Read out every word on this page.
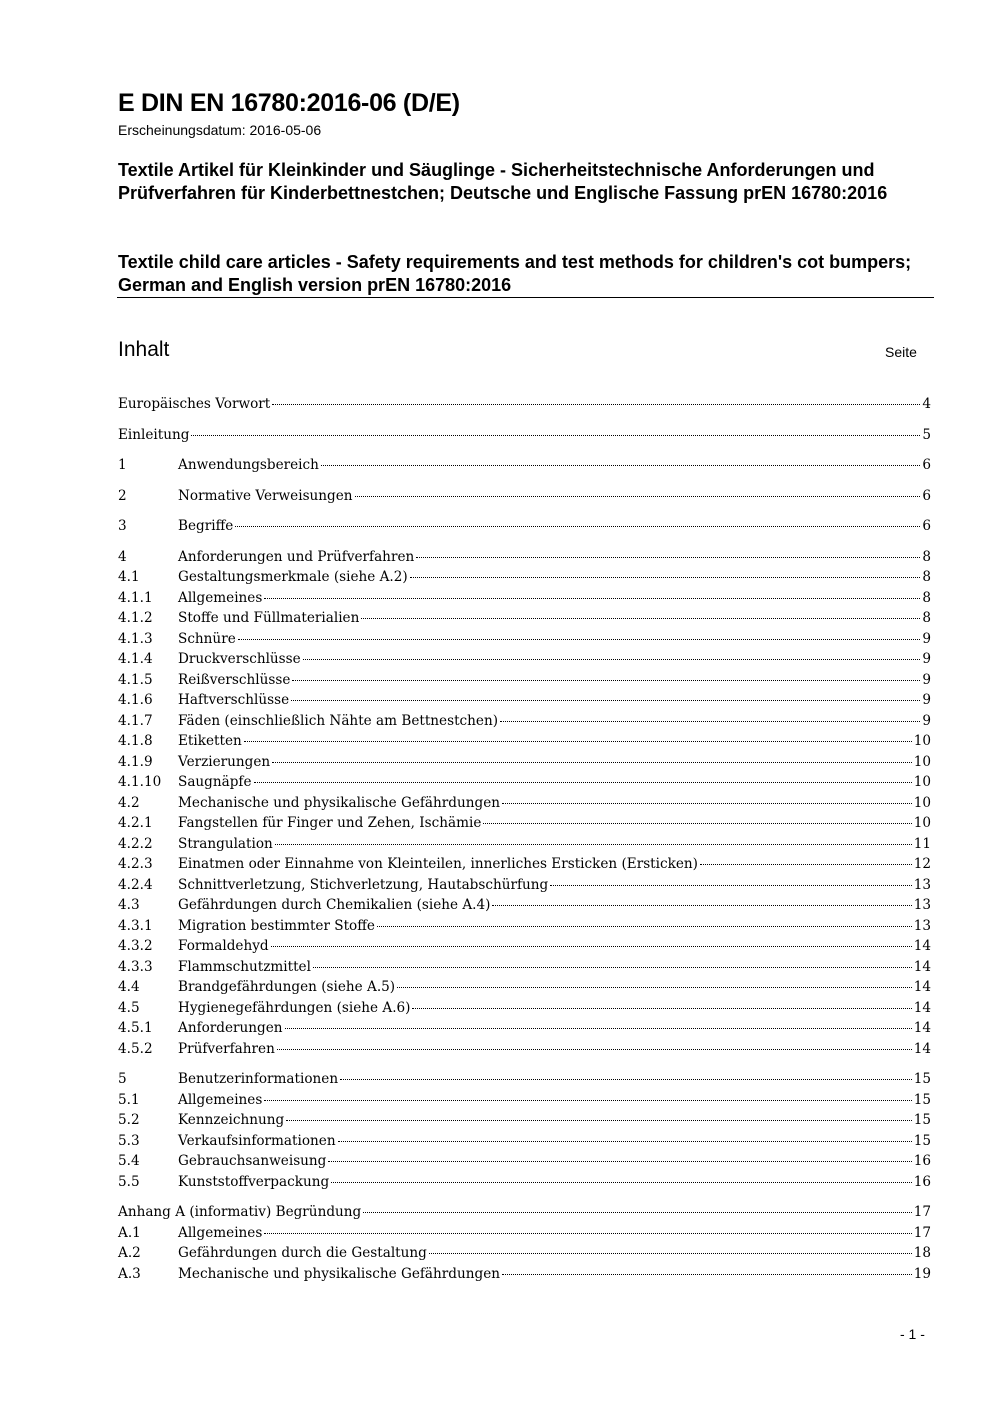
E DIN EN 16780:2016-06 (D/E)
Erscheinungsdatum: 2016-05-06
Textile Artikel für Kleinkinder und Säuglinge - Sicherheitstechnische Anforderungen und Prüfverfahren für Kinderbettnestchen; Deutsche und Englische Fassung prEN 16780:2016
Textile child care articles - Safety requirements and test methods for children's cot bumpers; German and English version prEN 16780:2016
Inhalt	Seite
Europäisches Vorwort	4
Einleitung	5
1	Anwendungsbereich	6
2	Normative Verweisungen	6
3	Begriffe	6
4	Anforderungen und Prüfverfahren	8
4.1	Gestaltungsmerkmale (siehe A.2)	8
4.1.1	Allgemeines	8
4.1.2	Stoffe und Füllmaterialien	8
4.1.3	Schnüre	9
4.1.4	Druckverschlüsse	9
4.1.5	Reißverschlüsse	9
4.1.6	Haftverschlüsse	9
4.1.7	Fäden (einschließlich Nähte am Bettnestchen)	9
4.1.8	Etiketten	10
4.1.9	Verzierungen	10
4.1.10	Saugnäpfe	10
4.2	Mechanische und physikalische Gefährdungen	10
4.2.1	Fangstellen für Finger und Zehen, Ischämie	10
4.2.2	Strangulation	11
4.2.3	Einatmen oder Einnahme von Kleinteilen, innerliches Ersticken (Ersticken)	12
4.2.4	Schnittverletzung, Stichverletzung, Hautabschürfung	13
4.3	Gefährdungen durch Chemikalien (siehe A.4)	13
4.3.1	Migration bestimmter Stoffe	13
4.3.2	Formaldehyd	14
4.3.3	Flammschutzmittel	14
4.4	Brandgefährdungen (siehe A.5)	14
4.5	Hygienegefährdungen (siehe A.6)	14
4.5.1	Anforderungen	14
4.5.2	Prüfverfahren	14
5	Benutzerinformationen	15
5.1	Allgemeines	15
5.2	Kennzeichnung	15
5.3	Verkaufsinformationen	15
5.4	Gebrauchsanweisung	16
5.5	Kunststoffverpackung	16
Anhang A (informativ) Begründung	17
A.1	Allgemeines	17
A.2	Gefährdungen durch die Gestaltung	18
A.3	Mechanische und physikalische Gefährdungen	19
- 1 -
